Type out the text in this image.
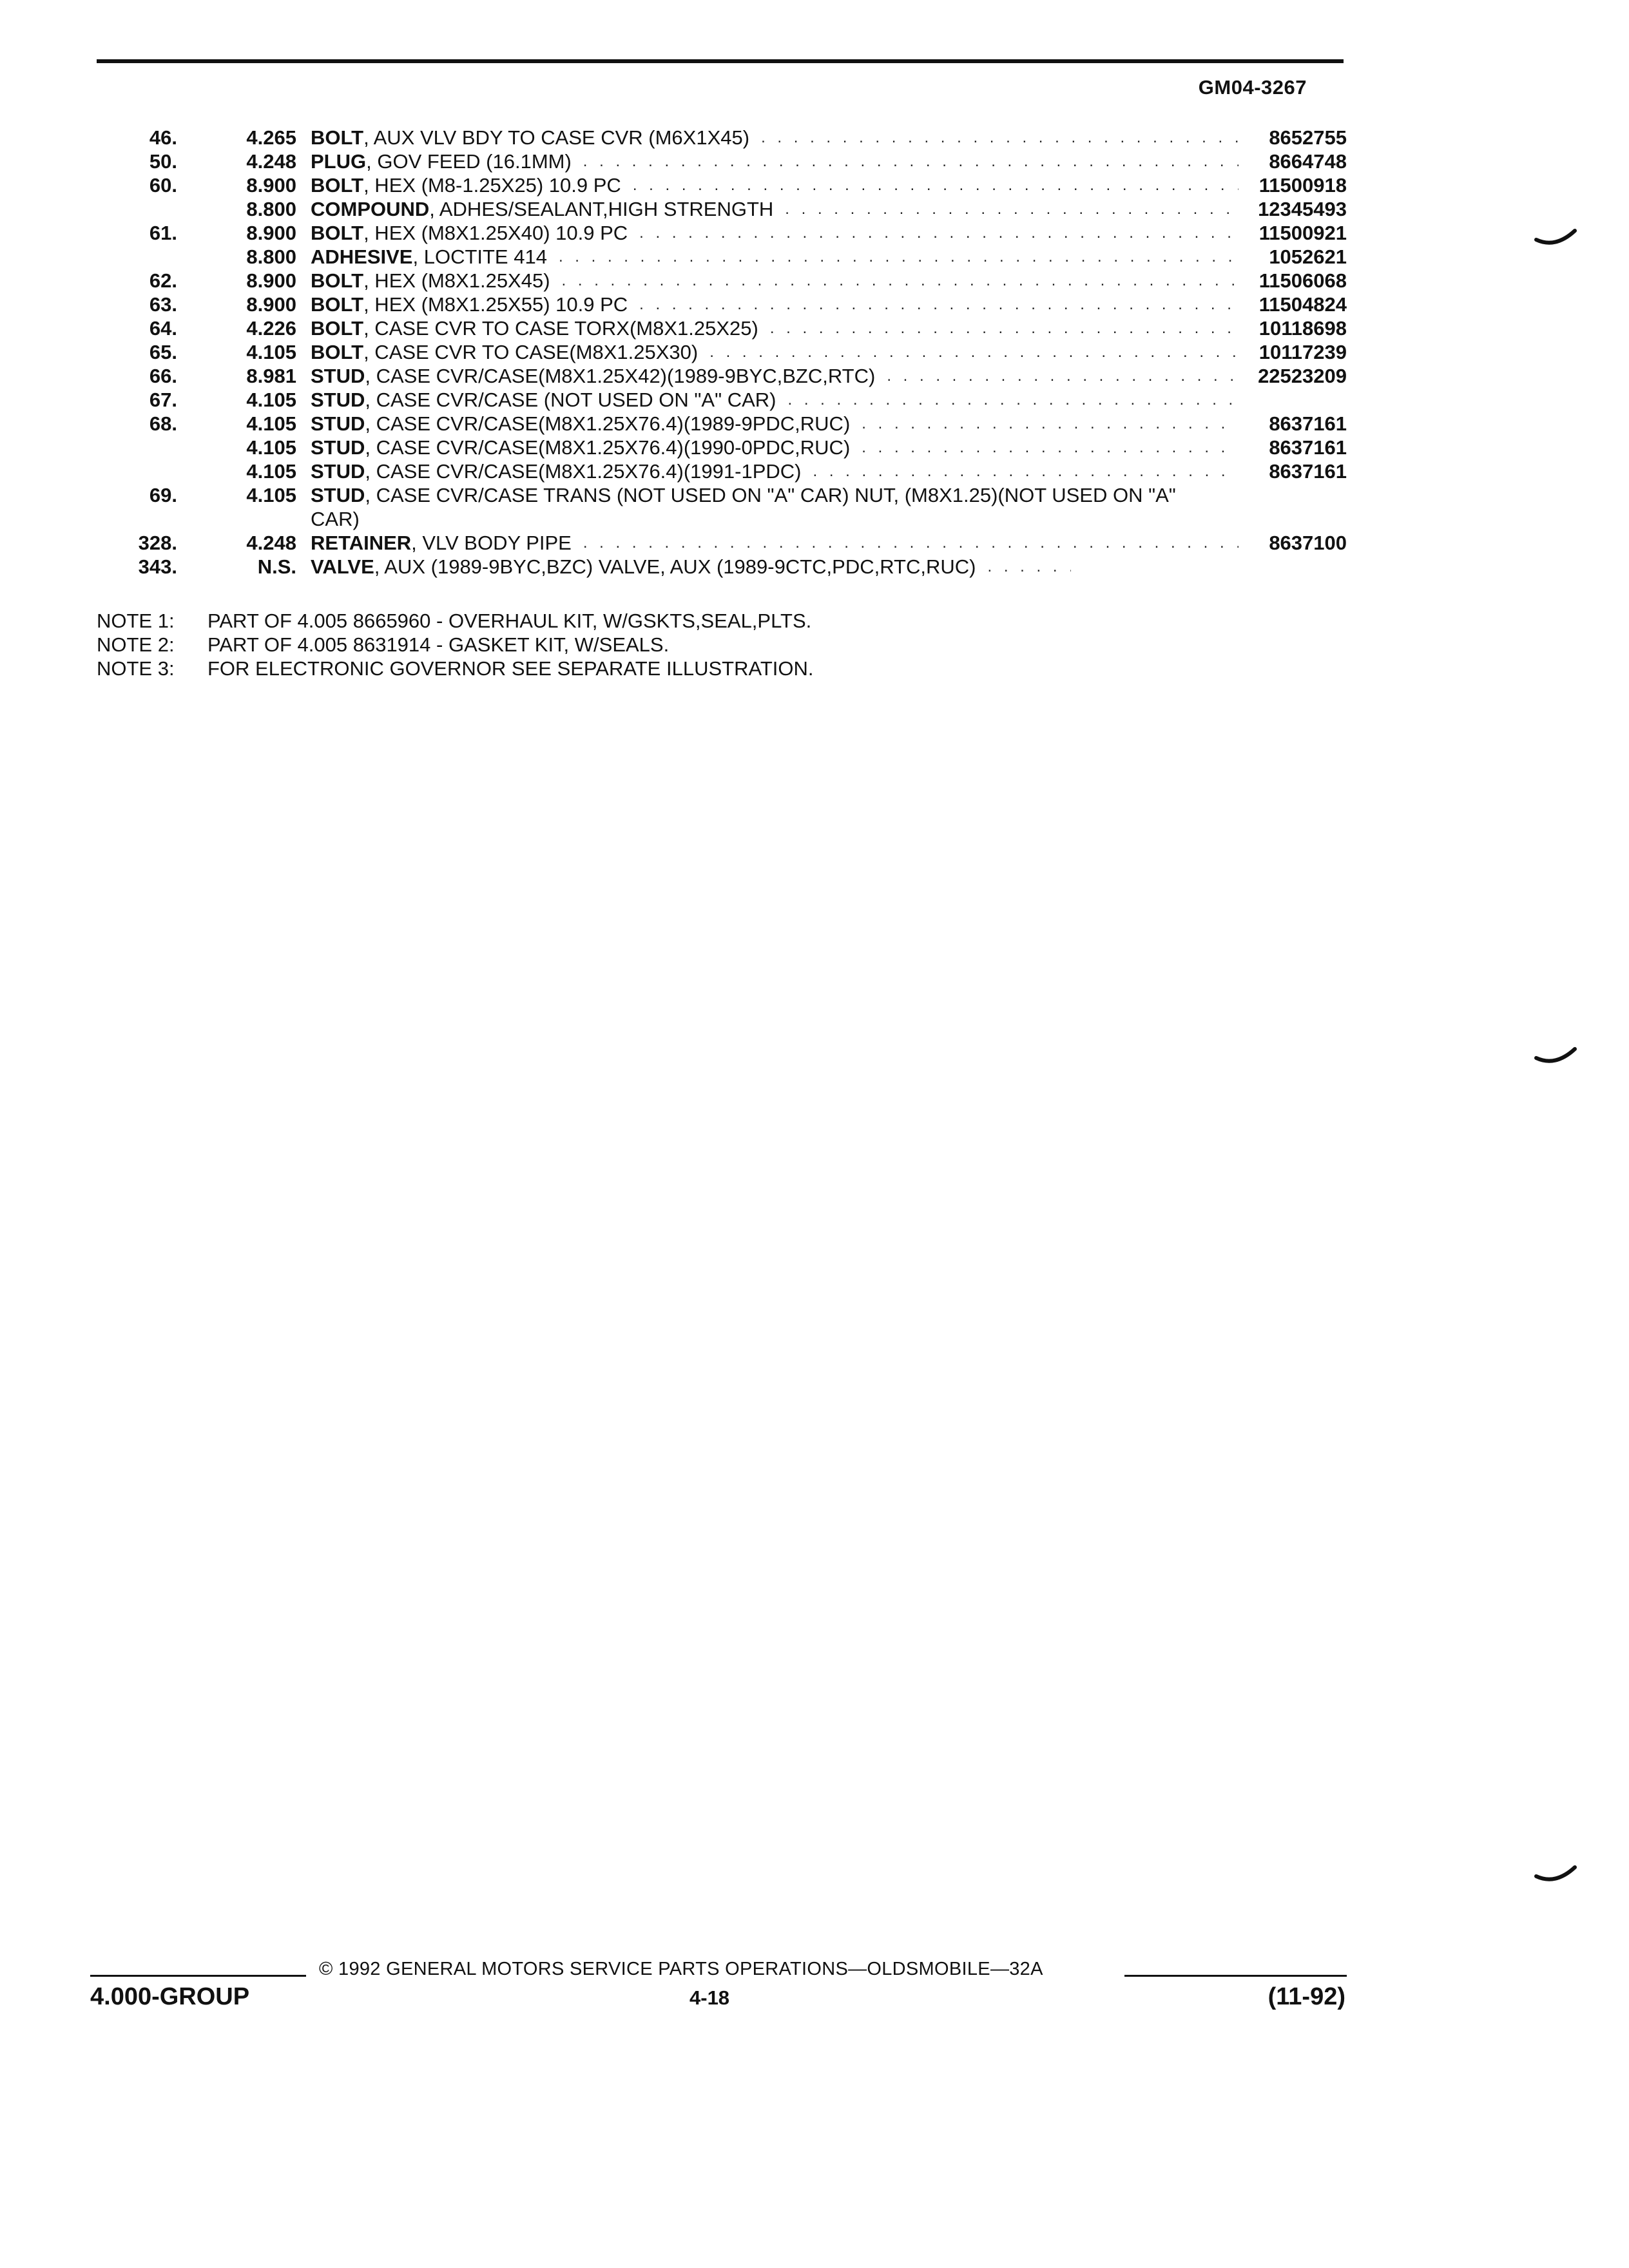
GM04-3267
46.	4.265 BOLT, AUX VLV BDY TO CASE CVR (M6X1X45) . . .	8652755
50.	4.248 PLUG, GOV FEED (16.1MM) . . .	8664748
60.	8.900 BOLT, HEX (M8-1.25X25) 10.9 PC . . .	11500918
8.800 COMPOUND, ADHES/SEALANT,HIGH STRENGTH . . .	12345493
61.	8.900 BOLT, HEX (M8X1.25X40) 10.9 PC . . .	11500921
8.800 ADHESIVE, LOCTITE 414 . . .	1052621
62.	8.900 BOLT, HEX (M8X1.25X45) . . .	11506068
63.	8.900 BOLT, HEX (M8X1.25X55) 10.9 PC . . .	11504824
64.	4.226 BOLT, CASE CVR TO CASE TORX(M8X1.25X25) . . .	10118698
65.	4.105 BOLT, CASE CVR TO CASE(M8X1.25X30) . . .	10117239
66.	8.981 STUD, CASE CVR/CASE(M8X1.25X42)(1989-9BYC,BZC,RTC) . . .	22523209
67.	4.105 STUD, CASE CVR/CASE (NOT USED ON "A" CAR)
. . .
68.	4.105 STUD, CASE CVR/CASE(M8X1.25X76.4)(1989-9PDC,RUC) . . .	8637161
4.105 STUD, CASE CVR/CASE(M8X1.25X76.4)(1990-0PDC,RUC) . . .	8637161
4.105 STUD, CASE CVR/CASE(M8X1.25X76.4)(1991-1PDC) . . .	8637161
69.	4.105 STUD, CASE CVR/CASE TRANS (NOT USED ON "A" CAR) NUT, (M8X1.25)(NOT USED ON "A" CAR)
328.	4.248 RETAINER, VLV BODY PIPE . . .	8637100
343.	N.S. VALVE, AUX (1989-9BYC,BZC) VALVE, AUX (1989-9CTC,PDC,RTC,RUC)
. . .
NOTE 1:	PART OF 4.005 8665960 - OVERHAUL KIT, W/GSKTS,SEAL,PLTS.
NOTE 2:	PART OF 4.005 8631914 - GASKET KIT, W/SEALS.
NOTE 3:	FOR ELECTRONIC GOVERNOR SEE SEPARATE ILLUSTRATION.
© 1992 GENERAL MOTORS SERVICE PARTS OPERATIONS—OLDSMOBILE—32A
4.000-GROUP	4-18	(11-92)
